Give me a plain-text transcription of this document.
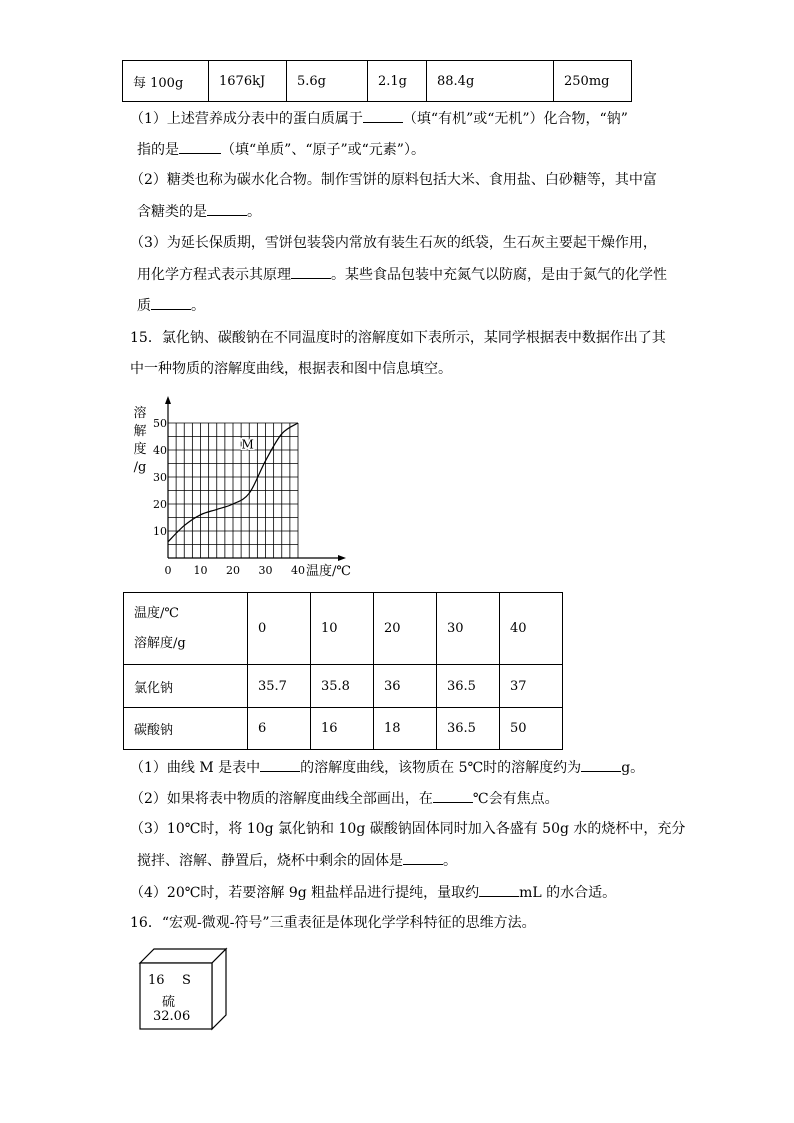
每 100g	1676kJ	5.6g	2.1g	88.4g	250mg
（1）上述营养成分表中的蛋白质属于	（填“有机”或“无机”）化合物，“钠”
指的是	（填“单质”、“原子”或“元素”）。
（2）糖类也称为碳水化合物。制作雪饼的原料包括大米、食用盐、白砂糖等，其中富
含糖类的是	。
（3）为延长保质期，雪饼包装袋内常放有装生石灰的纸袋，生石灰主要起干燥作用，
用化学方程式表示其原理	。某些食品包装中充氮气以防腐，是由于氮气的化学性
质	。
15．氯化钠、碳酸钠在不同温度时的溶解度如下表所示，某同学根据表中数据作出了其
中一种物质的溶解度曲线，根据表和图中信息填空。
0 10 20 30 40
10
20
30
40
50
M
溶
解
度
/g
温度/℃
温度/℃
溶解度/g	0	10	20	30	40
氯化钠	35.7	35.8	36	36.5	37
碳酸钠	6	16	18	36.5	50
（1）曲线 M 是表中	的溶解度曲线，该物质在 5℃时的溶解度约为	g。
（2）如果将表中物质的溶解度曲线全部画出，在	℃会有焦点。
（3）10℃时，将 10g 氯化钠和 10g 碳酸钠固体同时加入各盛有 50g 水的烧杯中，充分
搅拌、溶解、静置后，烧杯中剩余的固体是	。
（4）20℃时，若要溶解 9g 粗盐样品进行提纯，量取约	mL 的水合适。
16．“宏观-微观-符号”三重表征是体现化学学科特征的思维方法。
16 S
硫
32.06
